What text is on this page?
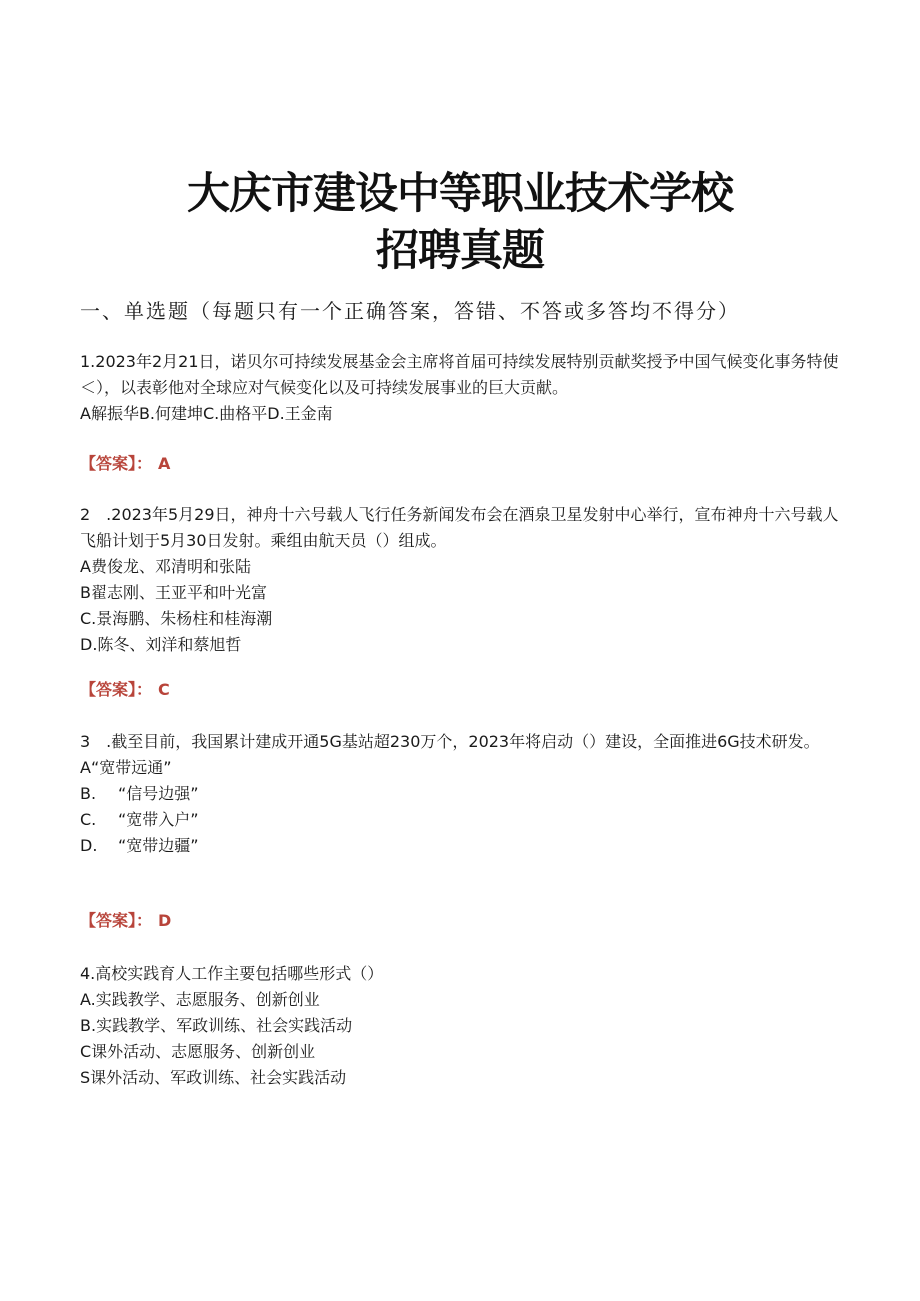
大庆市建设中等职业技术学校
招聘真题
一、单选题（每题只有一个正确答案，答错、不答或多答均不得分）

1.2023年2月21日，诺贝尔可持续发展基金会主席将首届可持续发展特别贡献奖授予中国气候变化事务特使＜），以表彰他对全球应对气候变化以及可持续发展事业的巨大贡献。

A解振华B.何建坤C.曲格平D.王金南

【答案】： A

2　.2023年5月29日，神舟十六号载人飞行任务新闻发布会在酒泉卫星发射中心举行，宣布神舟十六号载人飞船计划于5月30日发射。乘组由航天员（）组成。

A费俊龙、邓清明和张陆

B翟志刚、王亚平和叶光富

C.景海鹏、朱杨柱和桂海潮

D.陈冬、刘洋和蔡旭哲

【答案】： C

3　.截至目前，我国累计建成开通5G基站超230万个，2023年将启动（）建设，全面推进6G技术研发。

A“宽带远通”

B. “信号边强”

C. “宽带入户”

D. “宽带边疆”

【答案】： D

4.高校实践育人工作主要包括哪些形式（）

A.实践教学、志愿服务、创新创业

B.实践教学、军政训练、社会实践活动

C课外活动、志愿服务、创新创业

S课外活动、军政训练、社会实践活动
